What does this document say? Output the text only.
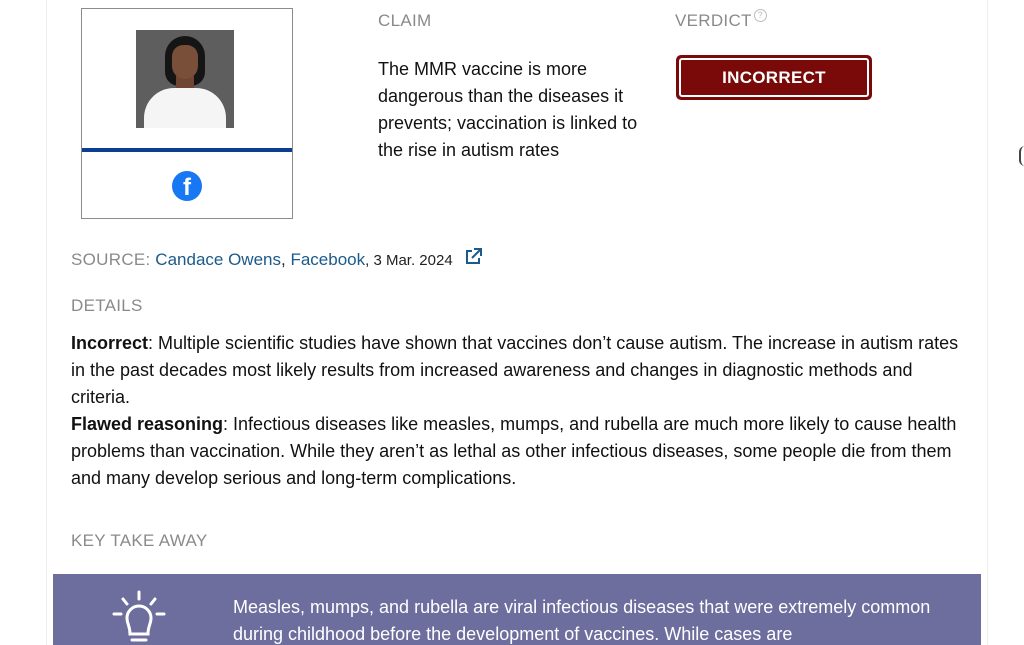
f
CLAIM
The MMR vaccine is more dangerous than the diseases it prevents; vaccination is linked to the rise in autism rates
VERDICT ?
INCORRECT
SOURCE: Candace Owens, Facebook, 3 Mar. 2024
DETAILS
Incorrect: Multiple scientific studies have shown that vaccines don’t cause autism. The increase in autism rates in the past decades most likely results from increased awareness and changes in diagnostic methods and criteria.
Flawed reasoning: Infectious diseases like measles, mumps, and rubella are much more likely to cause health problems than vaccination. While they aren’t as lethal as other infectious diseases, some people die from them and many develop serious and long-term complications.
KEY TAKE AWAY
Measles, mumps, and rubella are viral infectious diseases that were extremely common during childhood before the development of vaccines. While cases are
